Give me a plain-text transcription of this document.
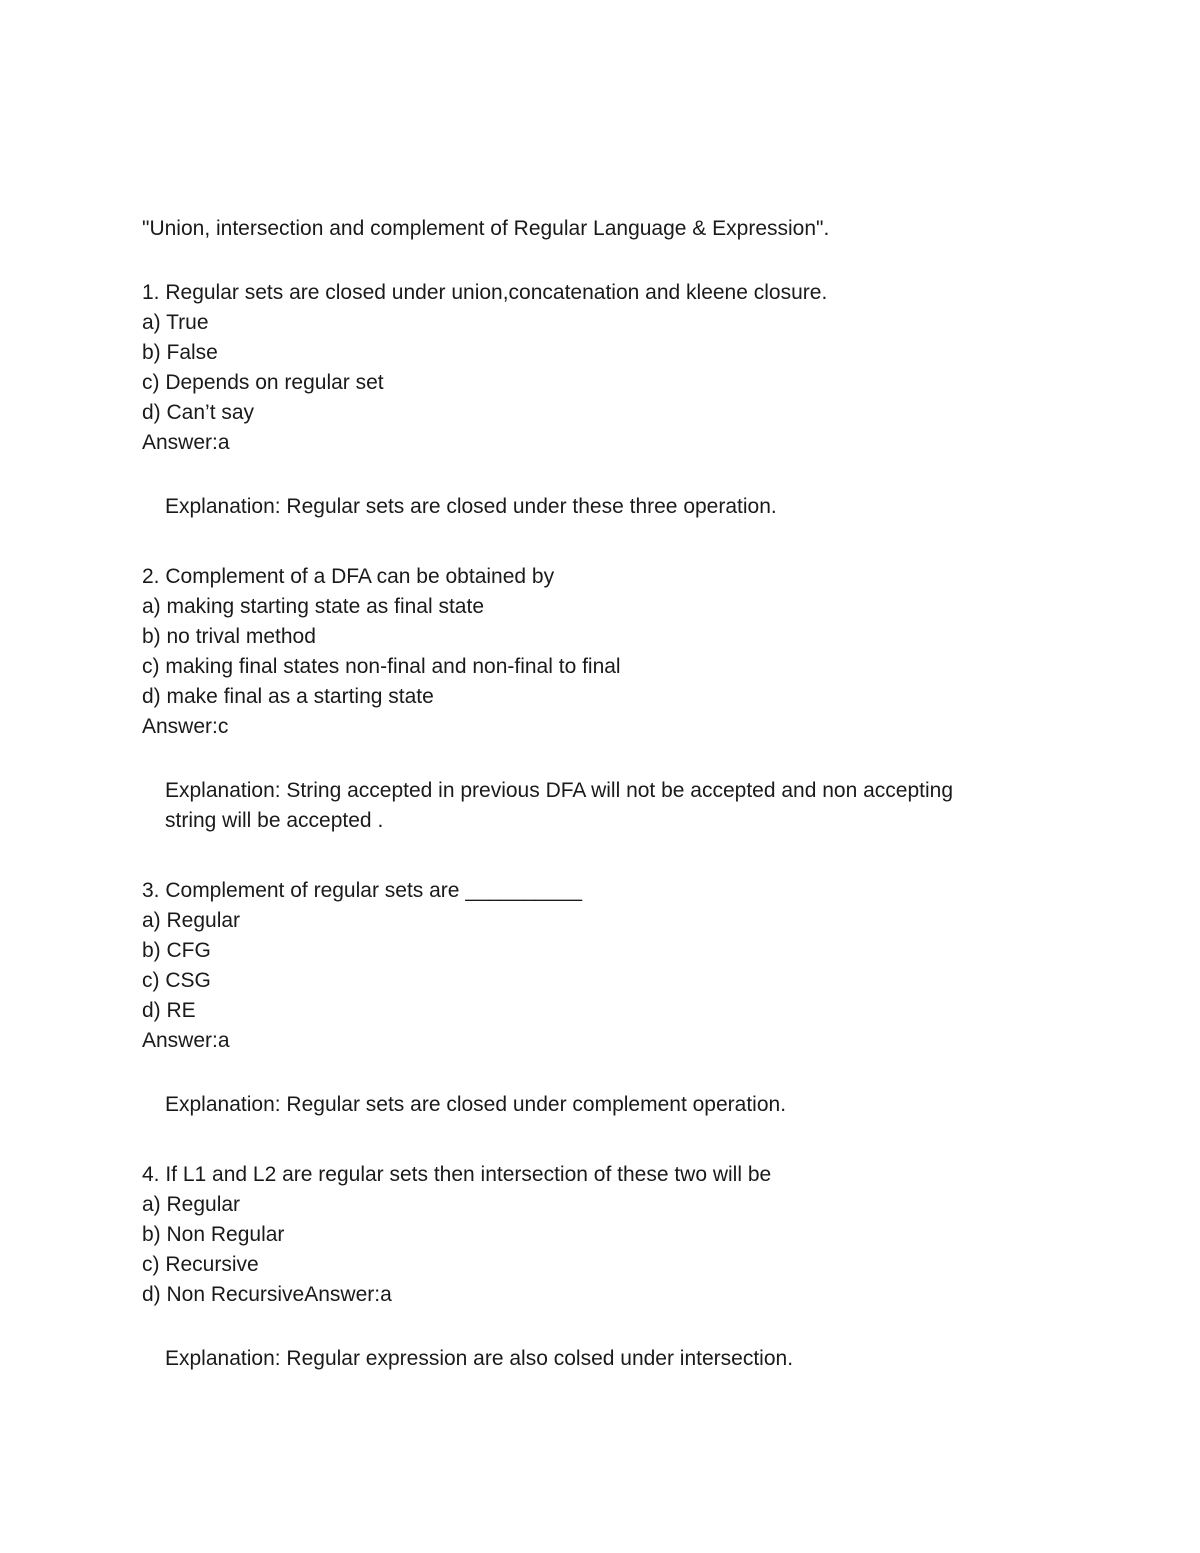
"Union, intersection and complement of Regular Language & Expression".
1. Regular sets are closed under union,concatenation and kleene closure.
a) True
b) False
c) Depends on regular set
d) Can’t say
Answer:a
Explanation: Regular sets are closed under these three operation.
2. Complement of a DFA can be obtained by
a) making starting state as final state
b) no trival method
c) making final states non-final and non-final to final
d) make final as a starting state
Answer:c
Explanation: String accepted in previous DFA will not be accepted and non accepting
string will be accepted .
3. Complement of regular sets are __________
a) Regular
b) CFG
c) CSG
d) RE
Answer:a
Explanation: Regular sets are closed under complement operation.
4. If L1 and L2 are regular sets then intersection of these two will be
a) Regular
b) Non Regular
c) Recursive
d) Non RecursiveAnswer:a
Explanation: Regular expression are also colsed under intersection.
